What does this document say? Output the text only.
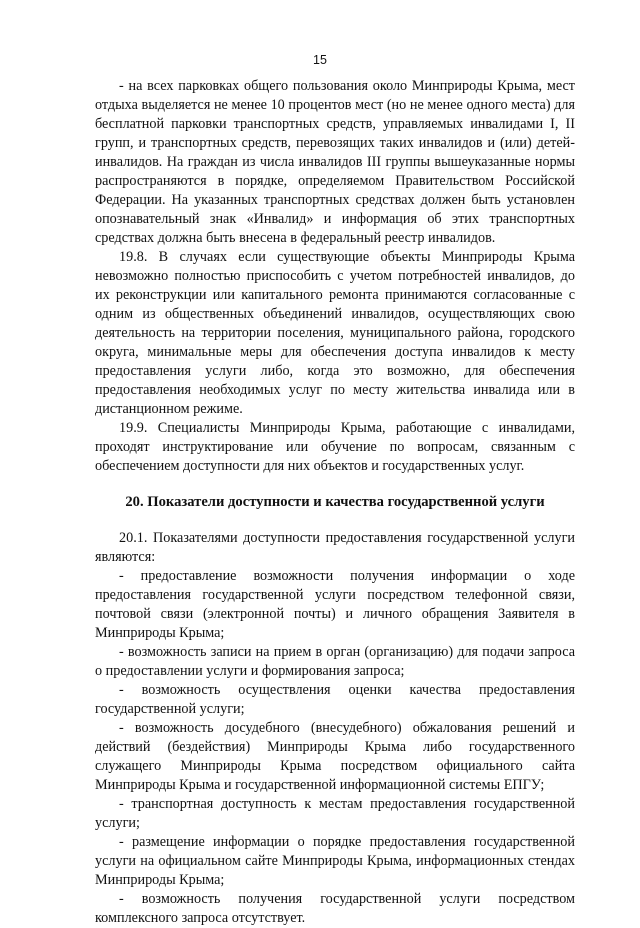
15

- на всех парковках общего пользования около Минприроды Крыма, мест отдыха выделяется не менее 10 процентов мест (но не менее одного места) для бесплатной парковки транспортных средств, управляемых инвалидами I, II групп, и транспортных средств, перевозящих таких инвалидов и (или) детей-инвалидов. На граждан из числа инвалидов III группы вышеуказанные нормы распространяются в порядке, определяемом Правительством Российской Федерации. На указанных транспортных средствах должен быть установлен опознавательный знак «Инвалид» и информация об этих транспортных средствах должна быть внесена в федеральный реестр инвалидов.

19.8. В случаях если существующие объекты Минприроды Крыма невозможно полностью приспособить с учетом потребностей инвалидов, до их реконструкции или капитального ремонта принимаются согласованные с одним из общественных объединений инвалидов, осуществляющих свою деятельность на территории поселения, муниципального района, городского округа, минимальные меры для обеспечения доступа инвалидов к месту предоставления услуги либо, когда это возможно, для обеспечения предоставления необходимых услуг по месту жительства инвалида или в дистанционном режиме.

19.9. Специалисты Минприроды Крыма, работающие с инвалидами, проходят инструктирование или обучение по вопросам, связанным с обеспечением доступности для них объектов и государственных услуг.

20. Показатели доступности и качества государственной услуги

20.1. Показателями доступности предоставления государственной услуги являются:

- предоставление возможности получения информации о ходе предоставления государственной услуги посредством телефонной связи, почтовой связи (электронной почты) и личного обращения Заявителя в Минприроды Крыма;

- возможность записи на прием в орган (организацию) для подачи запроса о предоставлении услуги и формирования запроса;

- возможность осуществления оценки качества предоставления государственной услуги;

- возможность досудебного (внесудебного) обжалования решений и действий (бездействия) Минприроды Крыма либо государственного служащего Минприроды Крыма посредством официального сайта Минприроды Крыма и государственной информационной системы ЕПГУ;

- транспортная доступность к местам предоставления государственной услуги;

- размещение информации о порядке предоставления государственной услуги на официальном сайте Минприроды Крыма, информационных стендах Минприроды Крыма;

- возможность получения государственной услуги посредством комплексного запроса отсутствует.
